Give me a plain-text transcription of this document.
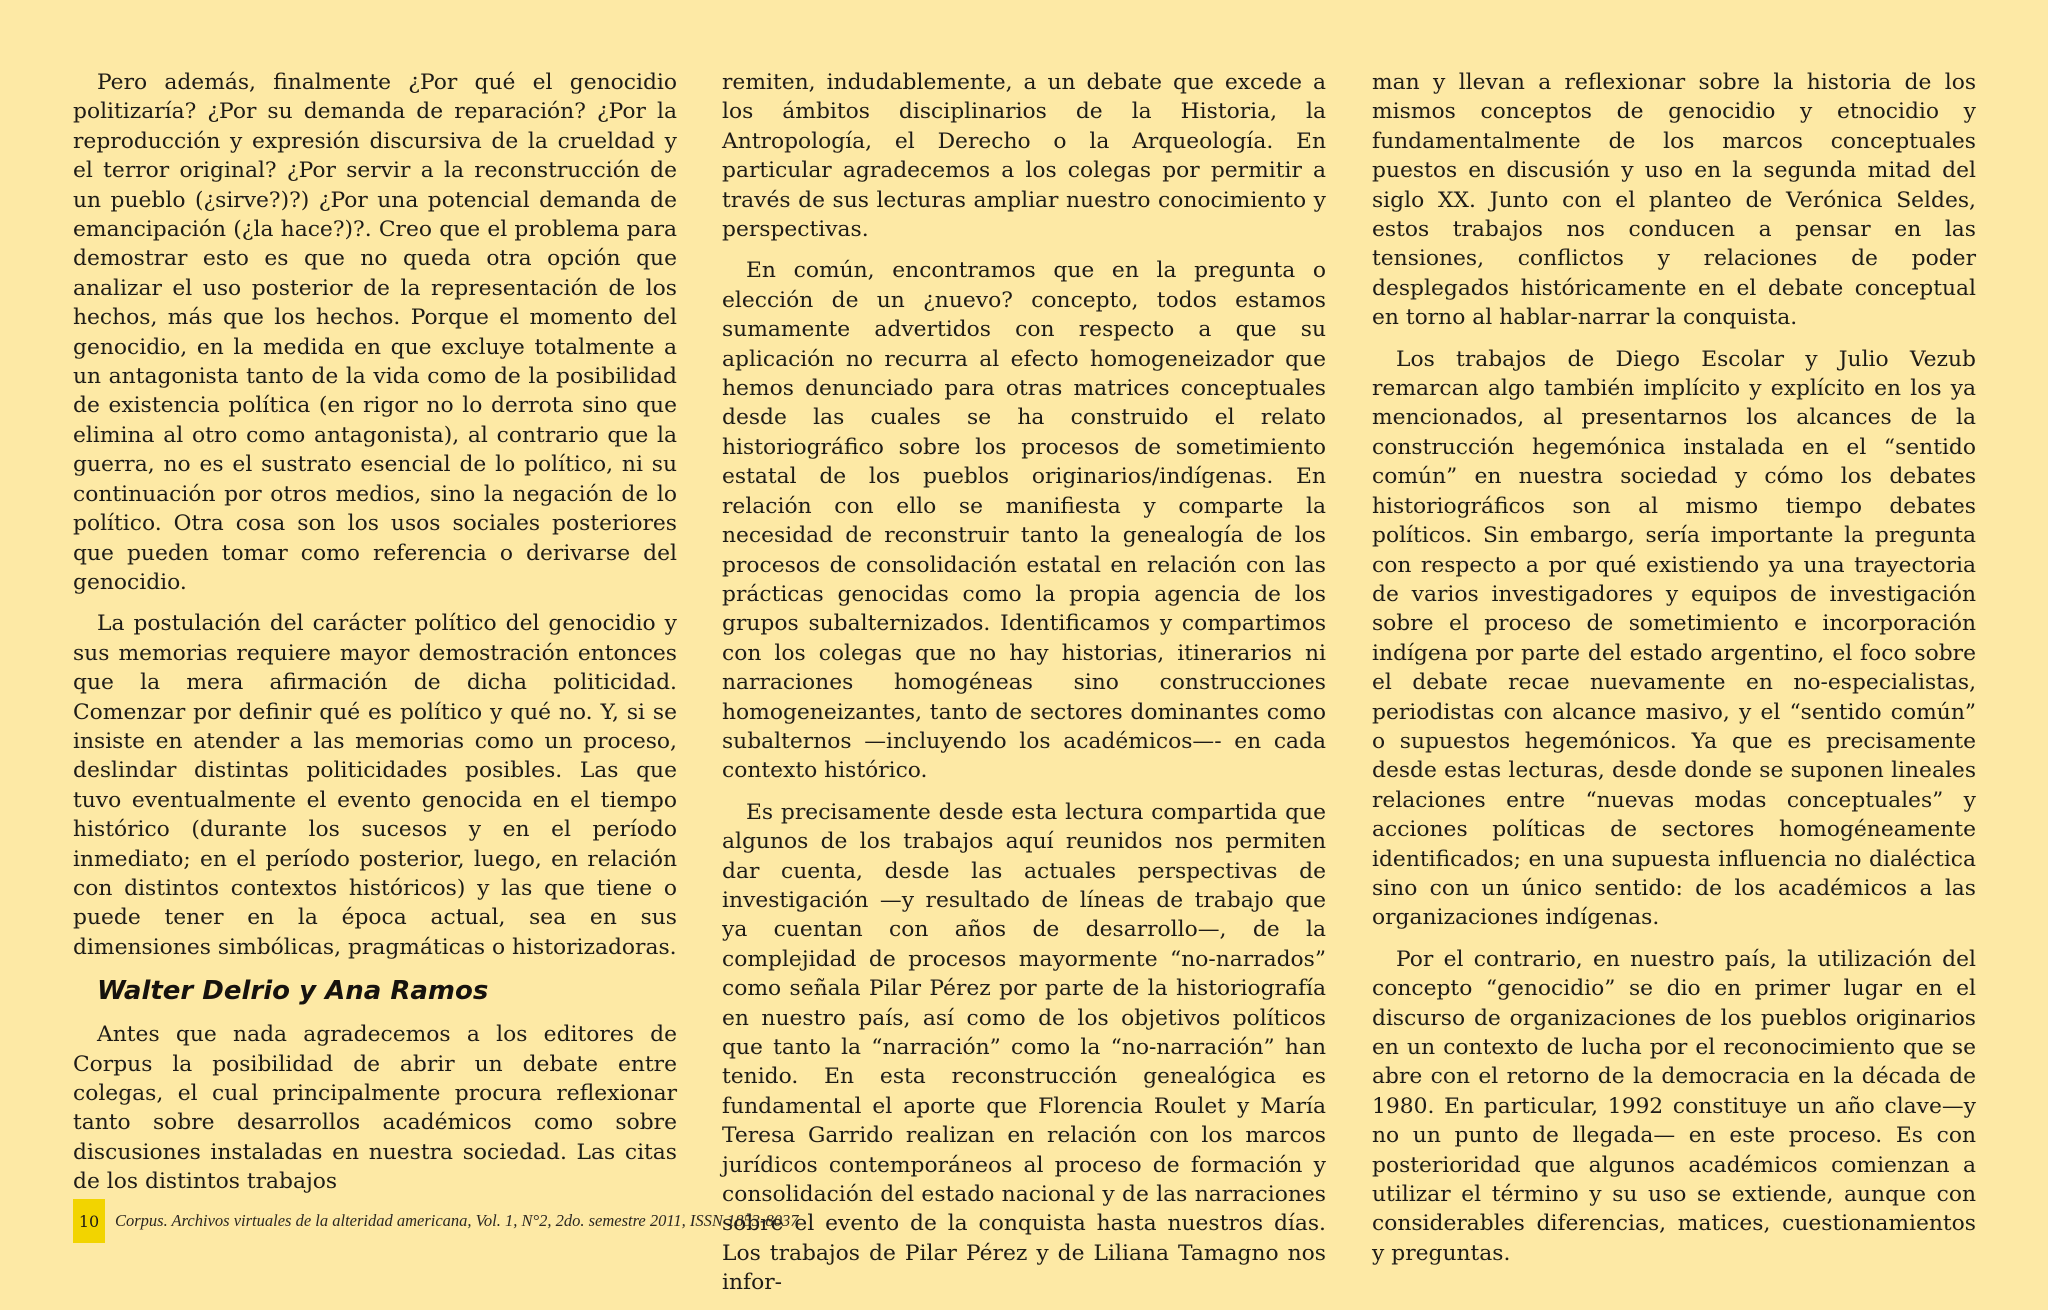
Pero además, finalmente ¿Por qué el genocidio politizaría? ¿Por su demanda de reparación? ¿Por la reproducción y expresión discursiva de la crueldad y el terror original? ¿Por servir a la reconstrucción de un pueblo (¿sirve?)?) ¿Por una potencial demanda de emancipación (¿la hace?)?. Creo que el problema para demostrar esto es que no queda otra opción que analizar el uso posterior de la representación de los hechos, más que los hechos. Porque el momento del genocidio, en la medida en que excluye totalmente a un antagonista tanto de la vida como de la posibilidad de existencia política (en rigor no lo derrota sino que elimina al otro como antagonista), al contrario que la guerra, no es el sustrato esencial de lo político, ni su continuación por otros medios, sino la negación de lo político. Otra cosa son los usos sociales posteriores que pueden tomar como referencia o derivarse del genocidio.

La postulación del carácter político del genocidio y sus memorias requiere mayor demostración entonces que la mera afirmación de dicha politicidad. Comenzar por definir qué es político y qué no. Y, si se insiste en atender a las memorias como un proceso, deslindar distintas politicidades posibles. Las que tuvo eventualmente el evento genocida en el tiempo histórico (durante los sucesos y en el período inmediato; en el período posterior, luego, en relación con distintos contextos históricos) y las que tiene o puede tener en la época actual, sea en sus dimensiones simbólicas, pragmáticas o historizadoras.

Walter Delrio y Ana Ramos

Antes que nada agradecemos a los editores de Corpus la posibilidad de abrir un debate entre colegas, el cual principalmente procura reflexionar tanto sobre desarrollos académicos como sobre discusiones instaladas en nuestra sociedad. Las citas de los distintos trabajos

remiten, indudablemente, a un debate que excede a los ámbitos disciplinarios de la Historia, la Antropología, el Derecho o la Arqueología. En particular agradecemos a los colegas por permitir a través de sus lecturas ampliar nuestro conocimiento y perspectivas.

En común, encontramos que en la pregunta o elección de un ¿nuevo? concepto, todos estamos sumamente advertidos con respecto a que su aplicación no recurra al efecto homogeneizador que hemos denunciado para otras matrices conceptuales desde las cuales se ha construido el relato historiográfico sobre los procesos de sometimiento estatal de los pueblos originarios/indígenas. En relación con ello se manifiesta y comparte la necesidad de reconstruir tanto la genealogía de los procesos de consolidación estatal en relación con las prácticas genocidas como la propia agencia de los grupos subalternizados. Identificamos y compartimos con los colegas que no hay historias, itinerarios ni narraciones homogéneas sino construcciones homogeneizantes, tanto de sectores dominantes como subalternos —incluyendo los académicos—- en cada contexto histórico.

Es precisamente desde esta lectura compartida que algunos de los trabajos aquí reunidos nos permiten dar cuenta, desde las actuales perspectivas de investigación —y resultado de líneas de trabajo que ya cuentan con años de desarrollo—, de la complejidad de procesos mayormente “no-narrados” como señala Pilar Pérez por parte de la historiografía en nuestro país, así como de los objetivos políticos que tanto la “narración” como la “no-narración” han tenido. En esta reconstrucción genealógica es fundamental el aporte que Florencia Roulet y María Teresa Garrido realizan en relación con los marcos jurídicos contemporáneos al proceso de formación y consolidación del estado nacional y de las narraciones sobre el evento de la conquista hasta nuestros días. Los trabajos de Pilar Pérez y de Liliana Tamagno nos infor-

man y llevan a reflexionar sobre la historia de los mismos conceptos de genocidio y etnocidio y fundamentalmente de los marcos conceptuales puestos en discusión y uso en la segunda mitad del siglo XX. Junto con el planteo de Verónica Seldes, estos trabajos nos conducen a pensar en las tensiones, conflictos y relaciones de poder desplegados históricamente en el debate conceptual en torno al hablar-narrar la conquista.

Los trabajos de Diego Escolar y Julio Vezub remarcan algo también implícito y explícito en los ya mencionados, al presentarnos los alcances de la construcción hegemónica instalada en el “sentido común” en nuestra sociedad y cómo los debates historiográficos son al mismo tiempo debates políticos. Sin embargo, sería importante la pregunta con respecto a por qué existiendo ya una trayectoria de varios investigadores y equipos de investigación sobre el proceso de sometimiento e incorporación indígena por parte del estado argentino, el foco sobre el debate recae nuevamente en no-especialistas, periodistas con alcance masivo, y el “sentido común” o supuestos hegemónicos. Ya que es precisamente desde estas lecturas, desde donde se suponen lineales relaciones entre “nuevas modas conceptuales” y acciones políticas de sectores homogéneamente identificados; en una supuesta influencia no dialéctica sino con un único sentido: de los académicos a las organizaciones indígenas.

Por el contrario, en nuestro país, la utilización del concepto “genocidio” se dio en primer lugar en el discurso de organizaciones de los pueblos originarios en un contexto de lucha por el reconocimiento que se abre con el retorno de la democracia en la década de 1980. En particular, 1992 constituye un año clave—y no un punto de llegada— en este proceso. Es con posterioridad que algunos académicos comienzan a utilizar el término y su uso se extiende, aunque con considerables diferencias, matices, cuestionamientos y preguntas.

10 Corpus. Archivos virtuales de la alteridad americana, Vol. 1, N°2, 2do. semestre 2011, ISSN 1853-8037
